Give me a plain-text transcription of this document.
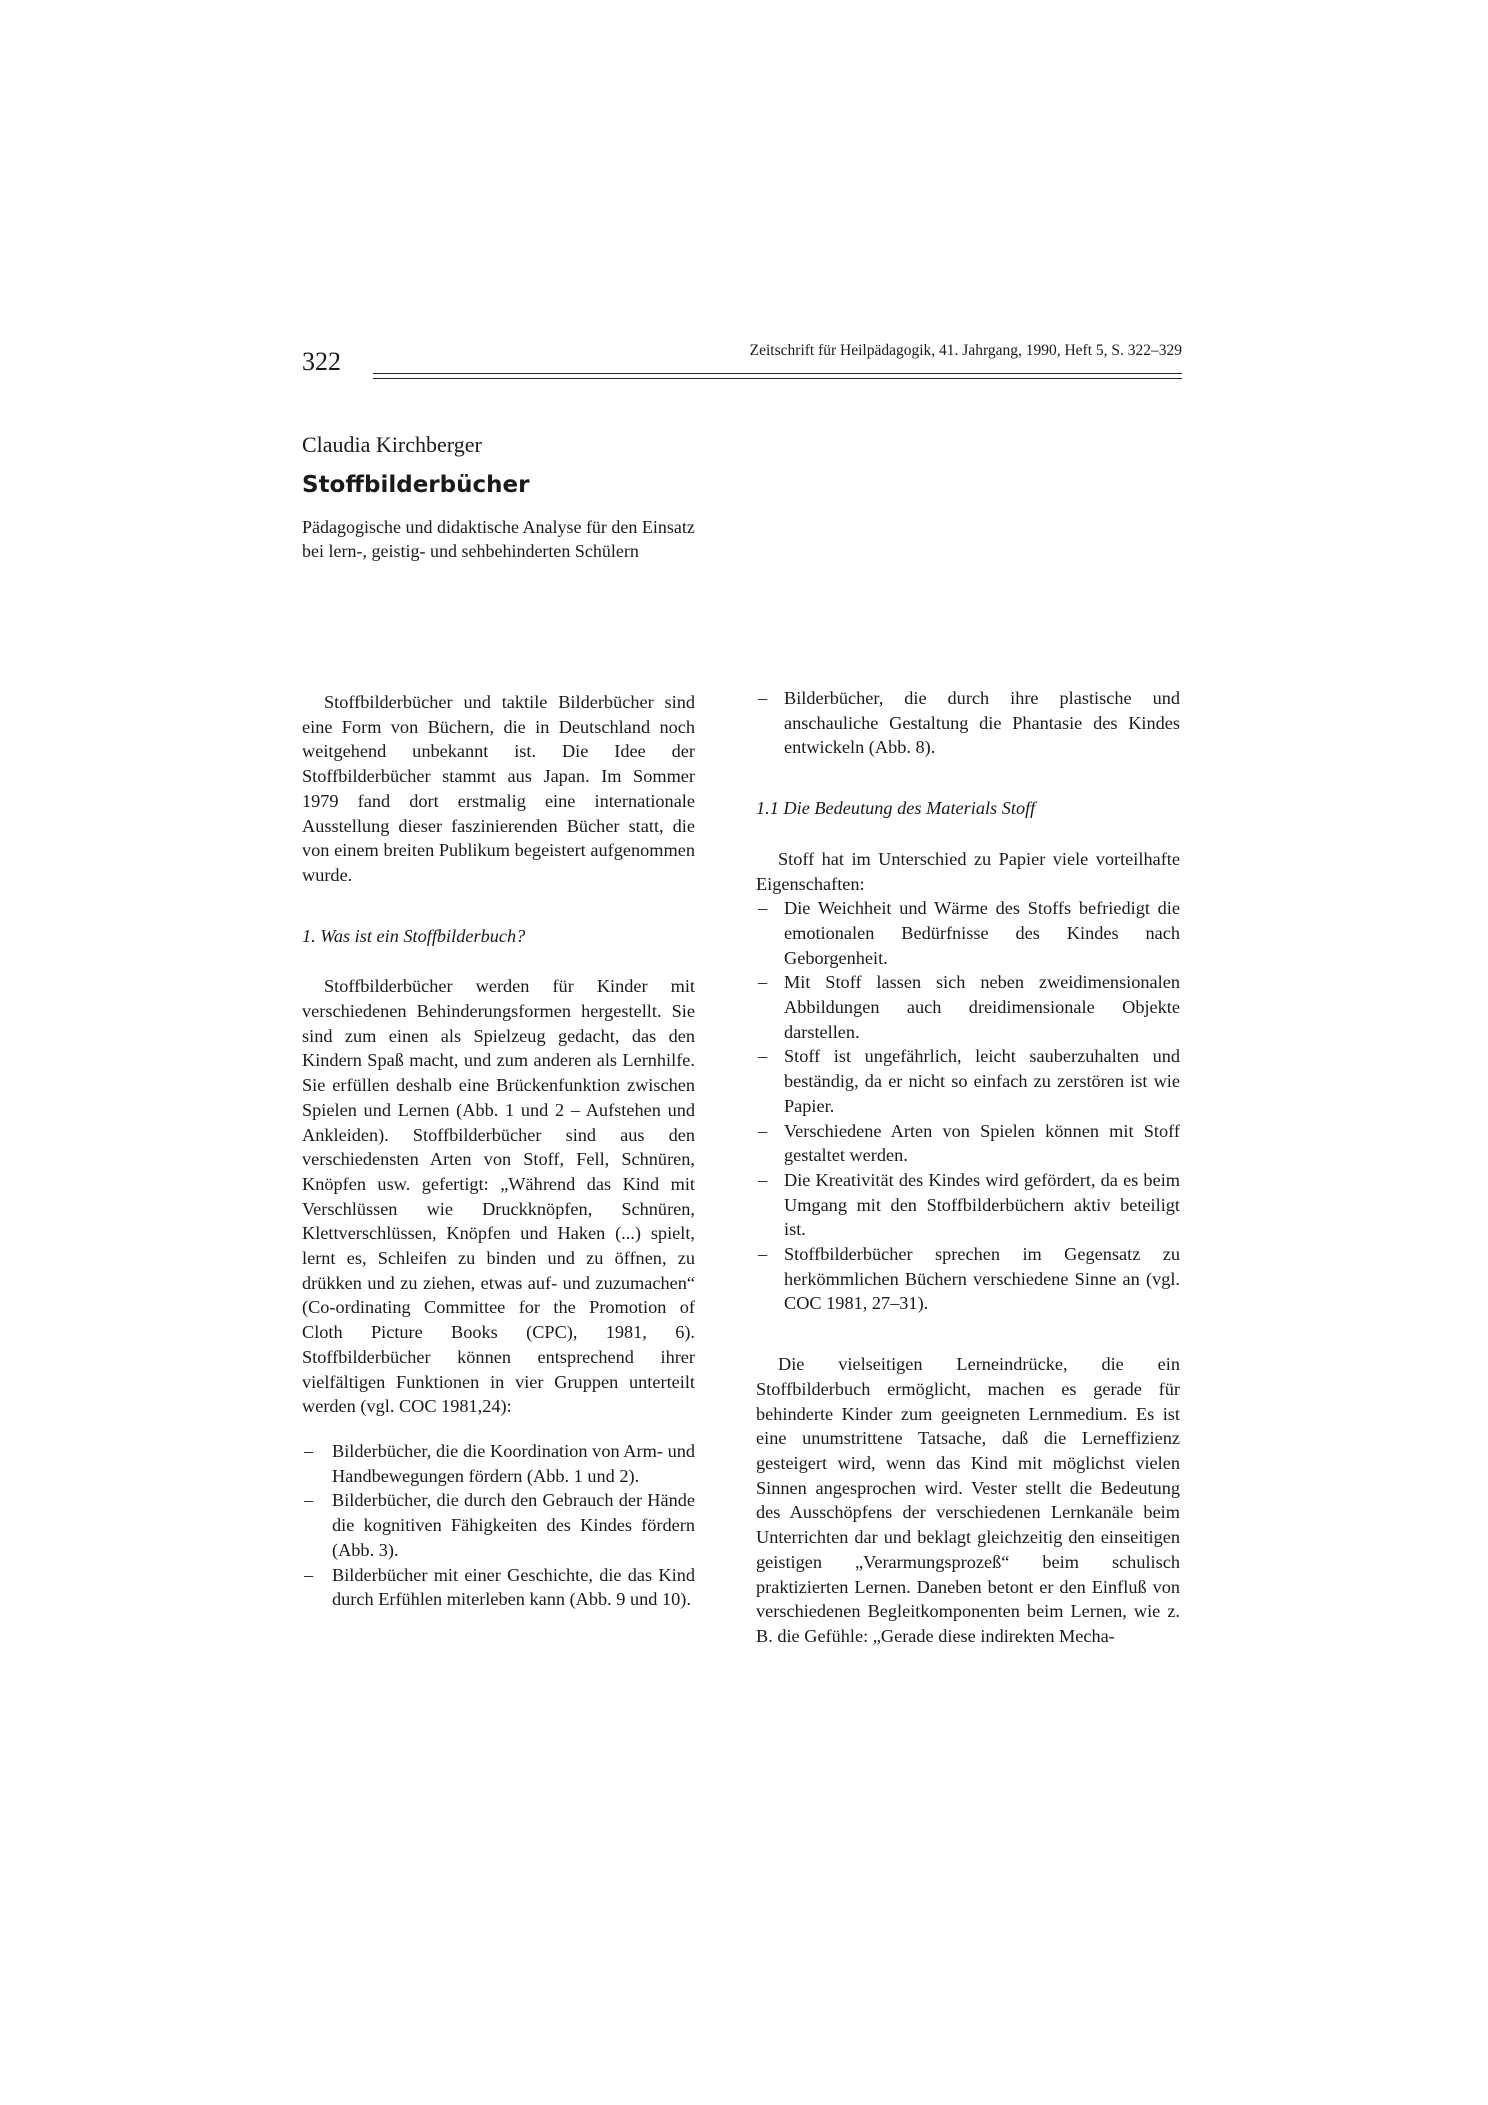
322	Zeitschrift für Heilpädagogik, 41. Jahrgang, 1990, Heft 5, S. 322–329
Claudia Kirchberger
Stoffbilderbücher
Pädagogische und didaktische Analyse für den Einsatz
bei lern-, geistig- und sehbehinderten Schülern

Stoffbilderbücher und taktile Bilderbücher sind eine Form von Büchern, die in Deutschland noch weitgehend unbekannt ist. Die Idee der Stoffbilderbücher stammt aus Japan. Im Sommer 1979 fand dort erstmalig eine internationale Ausstellung dieser faszinierenden Bücher statt, die von einem breiten Publikum begeistert aufgenommen wurde.

1. Was ist ein Stoffbilderbuch?

Stoffbilderbücher werden für Kinder mit verschiedenen Behinderungsformen hergestellt. Sie sind zum einen als Spielzeug gedacht, das den Kindern Spaß macht, und zum anderen als Lernhilfe. Sie erfüllen deshalb eine Brückenfunktion zwischen Spielen und Lernen (Abb. 1 und 2 – Aufstehen und Ankleiden). Stoffbilderbücher sind aus den verschiedensten Arten von Stoff, Fell, Schnüren, Knöpfen usw. gefertigt: „Während das Kind mit Verschlüssen wie Druckknöpfen, Schnüren, Klettverschlüssen, Knöpfen und Haken (...) spielt, lernt es, Schleifen zu binden und zu öffnen, zu drükken und zu ziehen, etwas auf- und zuzumachen“ (Co-ordinating Committee for the Promotion of Cloth Picture Books (CPC), 1981, 6). Stoffbilderbücher können entsprechend ihrer vielfältigen Funktionen in vier Gruppen unterteilt werden (vgl. COC 1981,24):

– Bilderbücher, die die Koordination von Arm- und Handbewegungen fördern (Abb. 1 und 2).
– Bilderbücher, die durch den Gebrauch der Hände die kognitiven Fähigkeiten des Kindes fördern (Abb. 3).
– Bilderbücher mit einer Geschichte, die das Kind durch Erfühlen miterleben kann (Abb. 9 und 10).
– Bilderbücher, die durch ihre plastische und anschauliche Gestaltung die Phantasie des Kindes entwickeln (Abb. 8).

1.1 Die Bedeutung des Materials Stoff

Stoff hat im Unterschied zu Papier viele vorteilhafte Eigenschaften:

– Die Weichheit und Wärme des Stoffs befriedigt die emotionalen Bedürfnisse des Kindes nach Geborgenheit.
– Mit Stoff lassen sich neben zweidimensionalen Abbildungen auch dreidimensionale Objekte darstellen.
– Stoff ist ungefährlich, leicht sauberzuhalten und beständig, da er nicht so einfach zu zerstören ist wie Papier.
– Verschiedene Arten von Spielen können mit Stoff gestaltet werden.
– Die Kreativität des Kindes wird gefördert, da es beim Umgang mit den Stoffbilderbüchern aktiv beteiligt ist.
– Stoffbilderbücher sprechen im Gegensatz zu herkömmlichen Büchern verschiedene Sinne an (vgl. COC 1981, 27–31).

Die vielseitigen Lerneindrücke, die ein Stoffbilderbuch ermöglicht, machen es gerade für behinderte Kinder zum geeigneten Lernmedium. Es ist eine unumstrittene Tatsache, daß die Lerneffizienz gesteigert wird, wenn das Kind mit möglichst vielen Sinnen angesprochen wird. Vester stellt die Bedeutung des Ausschöpfens der verschiedenen Lernkanäle beim Unterrichten dar und beklagt gleichzeitig den einseitigen geistigen „Verarmungsprozeß“ beim schulisch praktizierten Lernen. Daneben betont er den Einfluß von verschiedenen Begleitkomponenten beim Lernen, wie z. B. die Gefühle: „Gerade diese indirekten Mecha-
